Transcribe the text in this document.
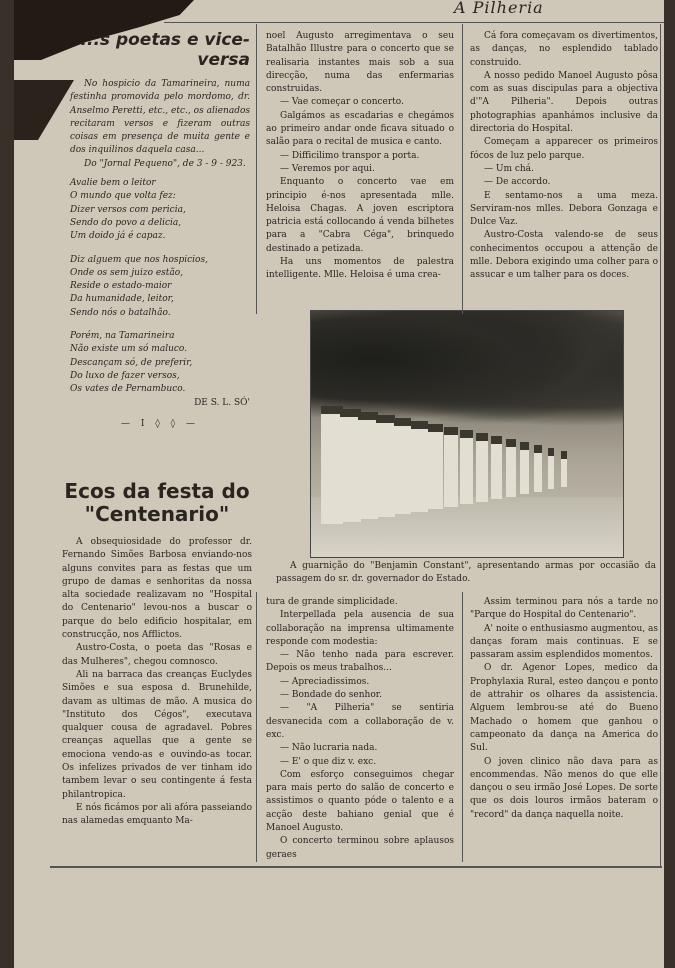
A Pilheria
...s poetas e vice-versa

No hospicio da Tamarineira, numa festinha promovida pelo mordomo, dr. Anselmo Peretti, etc., etc., os alienados recitaram versos e fizeram outras coisas em presença de muita gente e dos inquilinos daquela casa...

Do "Jornal Pequeno", de 3 - 9 - 923.

Avalie bem o leitor

O mundo que volta fez:

Dizer versos com pericia,

Sendo do povo a delicia,

Um doido já é capaz.

Diz alguem que nos hospicios,

Onde os sem juizo estão,

Reside o estado-maior

Da humanidade, leitor,

Sendo nós o batalhão.

Porém, na Tamarineira

Não existe um só maluco.

Descançam só, de preferir,

Do luxo de fazer versos,

Os vates de Pernambuco.

DE S. L. SÓ'
— I ◊ ◊ —
Ecos da festa do
"Centenario"

A obsequiosidade do professor dr. Fernando Simões Barbosa enviando-nos alguns convites para as festas que um grupo de damas e senhoritas da nossa alta sociedade realizavam no "Hospital do Centenario" levou-nos a buscar o parque do belo edificio hospitalar, em construcção, nos Afflictos.

Austro-Costa, o poeta das "Rosas e das Mulheres", chegou comnosco.

Ali na barraca das creanças Euclydes Simões e sua esposa d. Brunehilde, davam as ultimas de mão. A musica do "Instituto dos Cégos", executava qualquer cousa de agradavel. Pobres creanças aquellas que a gente se emociona vendo-as e ouvindo-as tocar. Os infelizes privados de ver tinham ido tambem levar o seu contingente á festa philantropica.

E nós ficámos por ali afóra passeiando nas alamedas emquanto Ma-

noel Augusto arregimentava o seu Batalhão Illustre para o concerto que se realisaria instantes mais sob a sua direcção, numa das enfermarias construidas.

— Vae começar o concerto.

Galgámos as escadarias e chegámos ao primeiro andar onde ficava situado o salão para o recital de musica e canto.

— Difficilimo transpor a porta.

— Veremos por aqui.

Enquanto o concerto vae em principio é-nos apresentada mlle. Heloisa Chagas. A joven escriptora patricia está collocando á venda bilhetes para a "Cabra Céga", brinquedo destinado a petizada.

Ha uns momentos de palestra intelligente. Mlle. Heloisa é uma crea-

Cá fora começavam os divertimentos, as danças, no esplendido tablado construido.

A nosso pedido Manoel Augusto pôsa com as suas discipulas para a objectiva d'"A Pilheria". Depois outras photographias apanhámos inclusive da directoria do Hospital.

Começam a apparecer os primeiros fócos de luz pelo parque.

— Um chá.

— De accordo.

E sentamo-nos a uma meza. Serviram-nos mlles. Debora Gonzaga e Dulce Vaz.

Austro-Costa valendo-se de seus conhecimentos occupou a attenção de mlle. Debora exigindo uma colher para o assucar e um talher para os doces.

A guarnição do "Benjamin Constant", apresentando armas por occasião da passagem do sr. dr. governador do Estado.

tura de grande simplicidade.

Interpellada pela ausencia de sua collaboração na imprensa ultimamente responde com modestia:

— Não tenho nada para escrever. Depois os meus trabalhos...

— Apreciadissimos.

— Bondade do senhor.

— "A Pilheria" se sentiria desvanecida com a collaboração de v. exc.

— Não lucraria nada.

— E' o que diz v. exc.

Com esforço conseguimos chegar para mais perto do salão de concerto e assistimos o quanto póde o talento e a acção deste bahiano genial que é Manoel Augusto.

O concerto terminou sobre aplausos geraes

Assim terminou para nós a tarde no "Parque do Hospital do Centenario".

A' noite o enthusiasmo augmentou, as danças foram mais continuas. E se passaram assim esplendidos momentos.

O dr. Agenor Lopes, medico da Prophylaxia Rural, esteo dançou e ponto de attrahir os olhares da assistencia. Alguem lembrou-se até do Bueno Machado o homem que ganhou o campeonato da dança na America do Sul.

O joven clinico não dava para as encommendas. Não menos do que elle dançou o seu irmão José Lopes. De sorte que os dois louros irmãos bateram o "record" da dança naquella noite.
